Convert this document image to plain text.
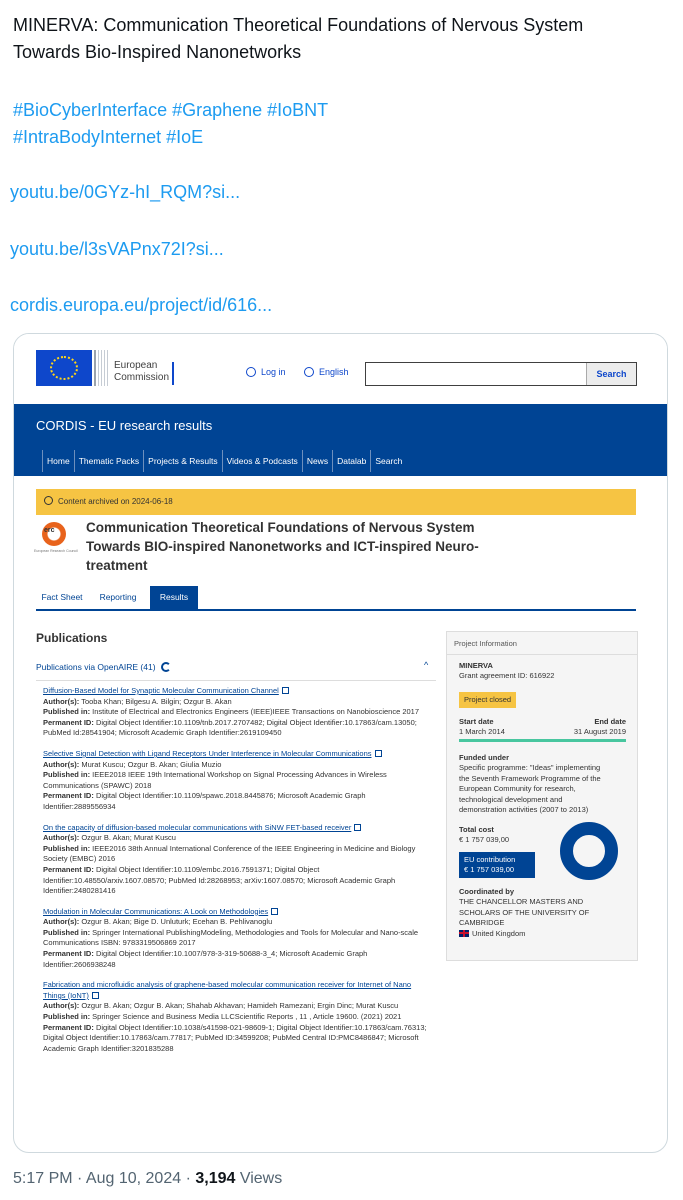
MINERVA: Communication Theoretical Foundations of Nervous System
Towards Bio-Inspired Nanonetworks
#BioCyberInterface #Graphene #IoBNT
#IntraBodyInternet #IoE
youtu.be/0GYz-hI_RQM?si...
youtu.be/l3sVAPnx72I?si...
cordis.europa.eu/project/id/616...
European
Commission	Log in	English	Search
CORDIS - EU research results
Home Thematic Packs Projects & Results Videos & Podcasts News Datalab Search
Content archived on 2024-06-18
erc
European Research Council
Communication Theoretical Foundations of Nervous System
Towards BIO-inspired Nanonetworks and ICT-inspired Neuro-
treatment
Fact Sheet	Reporting	Results
Publications
Publications via OpenAIRE (41)	^
Diffusion-Based Model for Synaptic Molecular Communication Channel
Author(s): Tooba Khan; Bilgesu A. Bilgin; Ozgur B. Akan
Published in: Institute of Electrical and Electronics Engineers (IEEE)IEEE Transactions on Nanobioscience 2017
Permanent ID: Digital Object Identifier:10.1109/tnb.2017.2707482; Digital Object Identifier:10.17863/cam.13050; PubMed Id:28541904; Microsoft Academic Graph Identifier:2619109450
Selective Signal Detection with Ligand Receptors Under Interference in Molecular Communications
Author(s): Murat Kuscu; Ozgur B. Akan; Giulia Muzio
Published in: IEEE2018 IEEE 19th International Workshop on Signal Processing Advances in Wireless Communications (SPAWC) 2018
Permanent ID: Digital Object Identifier:10.1109/spawc.2018.8445876; Microsoft Academic Graph Identifier:2889556934
On the capacity of diffusion-based molecular communications with SiNW FET-based receiver
Author(s): Ozgur B. Akan; Murat Kuscu
Published in: IEEE2016 38th Annual International Conference of the IEEE Engineering in Medicine and Biology Society (EMBC) 2016
Permanent ID: Digital Object Identifier:10.1109/embc.2016.7591371; Digital Object Identifier:10.48550/arxiv.1607.08570; PubMed Id:28268953; arXiv:1607.08570; Microsoft Academic Graph Identifier:2480281416
Modulation in Molecular Communications: A Look on Methodologies
Author(s): Ozgur B. Akan; Bige D. Unluturk; Ecehan B. Pehlivanoglu
Published in: Springer International PublishingModeling, Methodologies and Tools for Molecular and Nano-scale Communications ISBN: 9783319506869 2017
Permanent ID: Digital Object Identifier:10.1007/978-3-319-50688-3_4; Microsoft Academic Graph Identifier:2606938248
Fabrication and microfluidic analysis of graphene-based molecular communication receiver for Internet of Nano Things (IoNT)
Author(s): Ozgur B. Akan; Ozgur B. Akan; Shahab Akhavan; Hamideh Ramezani; Ergin Dinc; Murat Kuscu
Published in: Springer Science and Business Media LLCScientific Reports , 11 , Article 19600. (2021) 2021
Permanent ID: Digital Object Identifier:10.1038/s41598-021-98609-1; Digital Object Identifier:10.17863/cam.76313; Digital Object Identifier:10.17863/cam.77817; PubMed ID:34599208; PubMed Central ID:PMC8486847; Microsoft Academic Graph Identifier:3201835288
Project Information
MINERVA
Grant agreement ID: 616922
Project closed
Start date	End date
1 March 2014	31 August 2019
Funded under
Specific programme: "Ideas" implementing
the Seventh Framework Programme of the
European Community for research,
technological development and
demonstration activities (2007 to 2013)
Total cost
€ 1 757 039,00
EU contribution
€ 1 757 039,00
Coordinated by
THE CHANCELLOR MASTERS AND
SCHOLARS OF THE UNIVERSITY OF
CAMBRIDGE
United Kingdom
5:17 PM · Aug 10, 2024 · 3,194 Views
